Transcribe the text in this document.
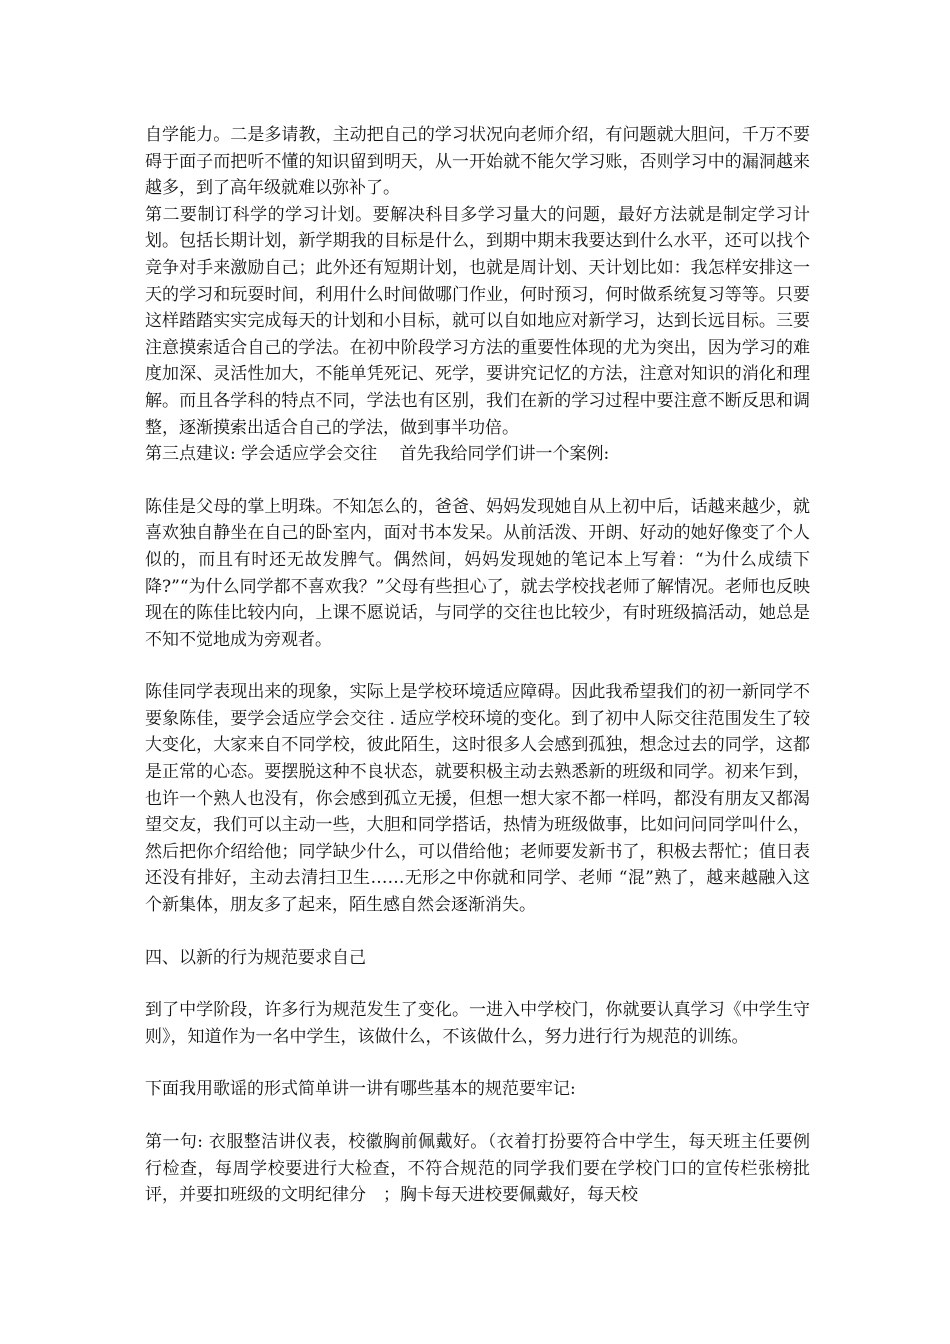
自学能力。二是多请教，主动把自己的学习状况向老师介绍，有问题就大胆问，千万不要碍于面子而把听不懂的知识留到明天，从一开始就不能欠学习账，否则学习中的漏洞越来越多，到了高年级就难以弥补了。

第二要制订科学的学习计划。要解决科目多学习量大的问题，最好方法就是制定学习计划。包括长期计划，新学期我的目标是什么，到期中期末我要达到什么水平，还可以找个竞争对手来激励自己；此外还有短期计划，也就是周计划、天计划比如：我怎样安排这一天的学习和玩耍时间，利用什么时间做哪门作业，何时预习，何时做系统复习等等。只要这样踏踏实实完成每天的计划和小目标，就可以自如地应对新学习，达到长远目标。三要注意摸索适合自己的学法。在初中阶段学习方法的重要性体现的尤为突出，因为学习的难度加深、灵活性加大，不能单凭死记、死学，要讲究记忆的方法，注意对知识的消化和理解。而且各学科的特点不同，学法也有区别，我们在新的学习过程中要注意不断反思和调整，逐渐摸索出适合自己的学法，做到事半功倍。

第三点建议: 学会适应学会交往　 首先我给同学们讲一个案例:

陈佳是父母的掌上明珠。不知怎么的，爸爸、妈妈发现她自从上初中后，话越来越少，就喜欢独自静坐在自己的卧室内，面对书本发呆。从前活泼、开朗、好动的她好像变了个人似的，而且有时还无故发脾气。偶然间，妈妈发现她的笔记本上写着：“为什么成绩下降?”“为什么同学都不喜欢我？”父母有些担心了，就去学校找老师了解情况。老师也反映现在的陈佳比较内向，上课不愿说话，与同学的交往也比较少，有时班级搞活动，她总是不知不觉地成为旁观者。

陈佳同学表现出来的现象，实际上是学校环境适应障碍。因此我希望我们的初一新同学不要象陈佳，要学会适应学会交往 . 适应学校环境的变化。到了初中人际交往范围发生了较大变化，大家来自不同学校，彼此陌生，这时很多人会感到孤独，想念过去的同学，这都是正常的心态。要摆脱这种不良状态，就要积极主动去熟悉新的班级和同学。初来乍到，也许一个熟人也没有，你会感到孤立无援，但想一想大家不都一样吗，都没有朋友又都渴望交友，我们可以主动一些，大胆和同学搭话，热情为班级做事，比如问问同学叫什么，然后把你介绍给他；同学缺少什么，可以借给他；老师要发新书了，积极去帮忙；值日表还没有排好，主动去清扫卫生……无形之中你就和同学、老师 “混”熟了，越来越融入这个新集体，朋友多了起来，陌生感自然会逐渐消失。

四、以新的行为规范要求自己

到了中学阶段，许多行为规范发生了变化。一进入中学校门，你就要认真学习《中学生守则》，知道作为一名中学生，该做什么，不该做什么，努力进行行为规范的训练。

下面我用歌谣的形式简单讲一讲有哪些基本的规范要牢记:

第一句: 衣服整洁讲仪表，校徽胸前佩戴好。（衣着打扮要符合中学生，每天班主任要例行检查，每周学校要进行大检查，不符合规范的同学我们要在学校门口的宣传栏张榜批评，并要扣班级的文明纪律分　；胸卡每天进校要佩戴好，每天校
